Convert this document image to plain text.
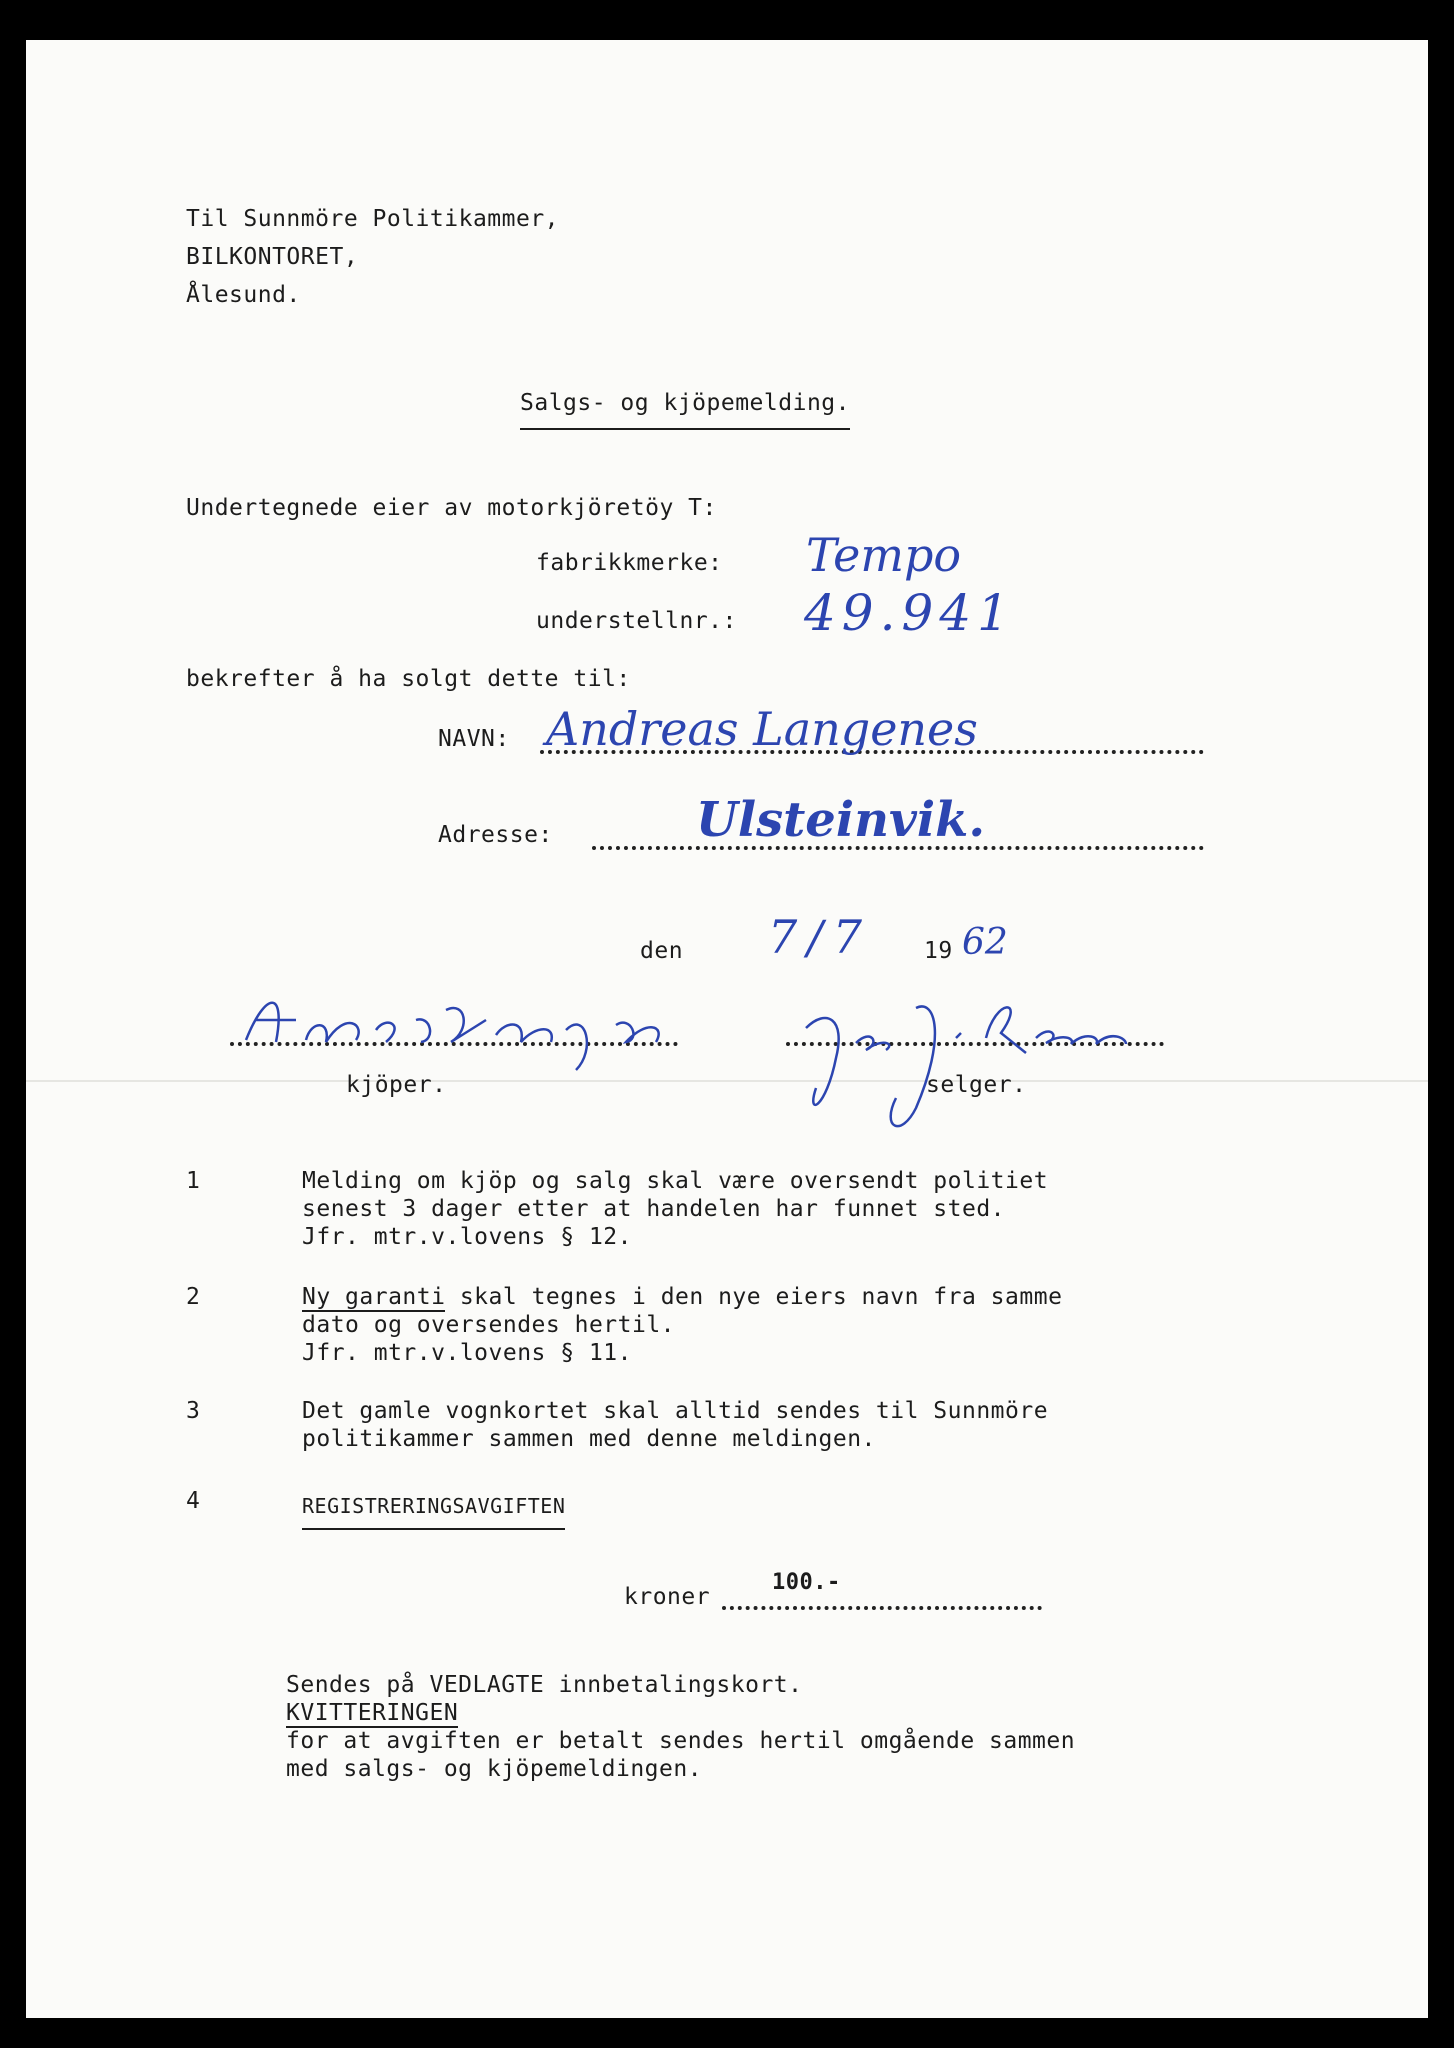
Til Sunnmöre Politikammer,
BILKONTORET,
Ålesund.
Salgs- og kjöpemelding.
Undertegnede eier av motorkjöretöy T:
fabrikkmerke: Tempo
understellnr.: 49.941
bekrefter å ha solgt dette til:
NAVN: Andreas Langenes
Adresse:	Ulsteinvik.
den 7/7 19 62
kjöper.	selger.
1	Melding om kjöp og salg skal være oversendt politiet
senest 3 dager etter at handelen har funnet sted.
Jfr. mtr.v.lovens § 12.
2	Ny garanti skal tegnes i den nye eiers navn fra samme
dato og oversendes hertil.
Jfr. mtr.v.lovens § 11.
3	Det gamle vognkortet skal alltid sendes til Sunnmöre
politikammer sammen med denne meldingen.
4	REGISTRERINGSAVGIFTEN
kroner
100.-
Sendes på VEDLAGTE innbetalingskort.
KVITTERINGEN
for at avgiften er betalt sendes hertil omgående sammen
med salgs- og kjöpemeldingen.
